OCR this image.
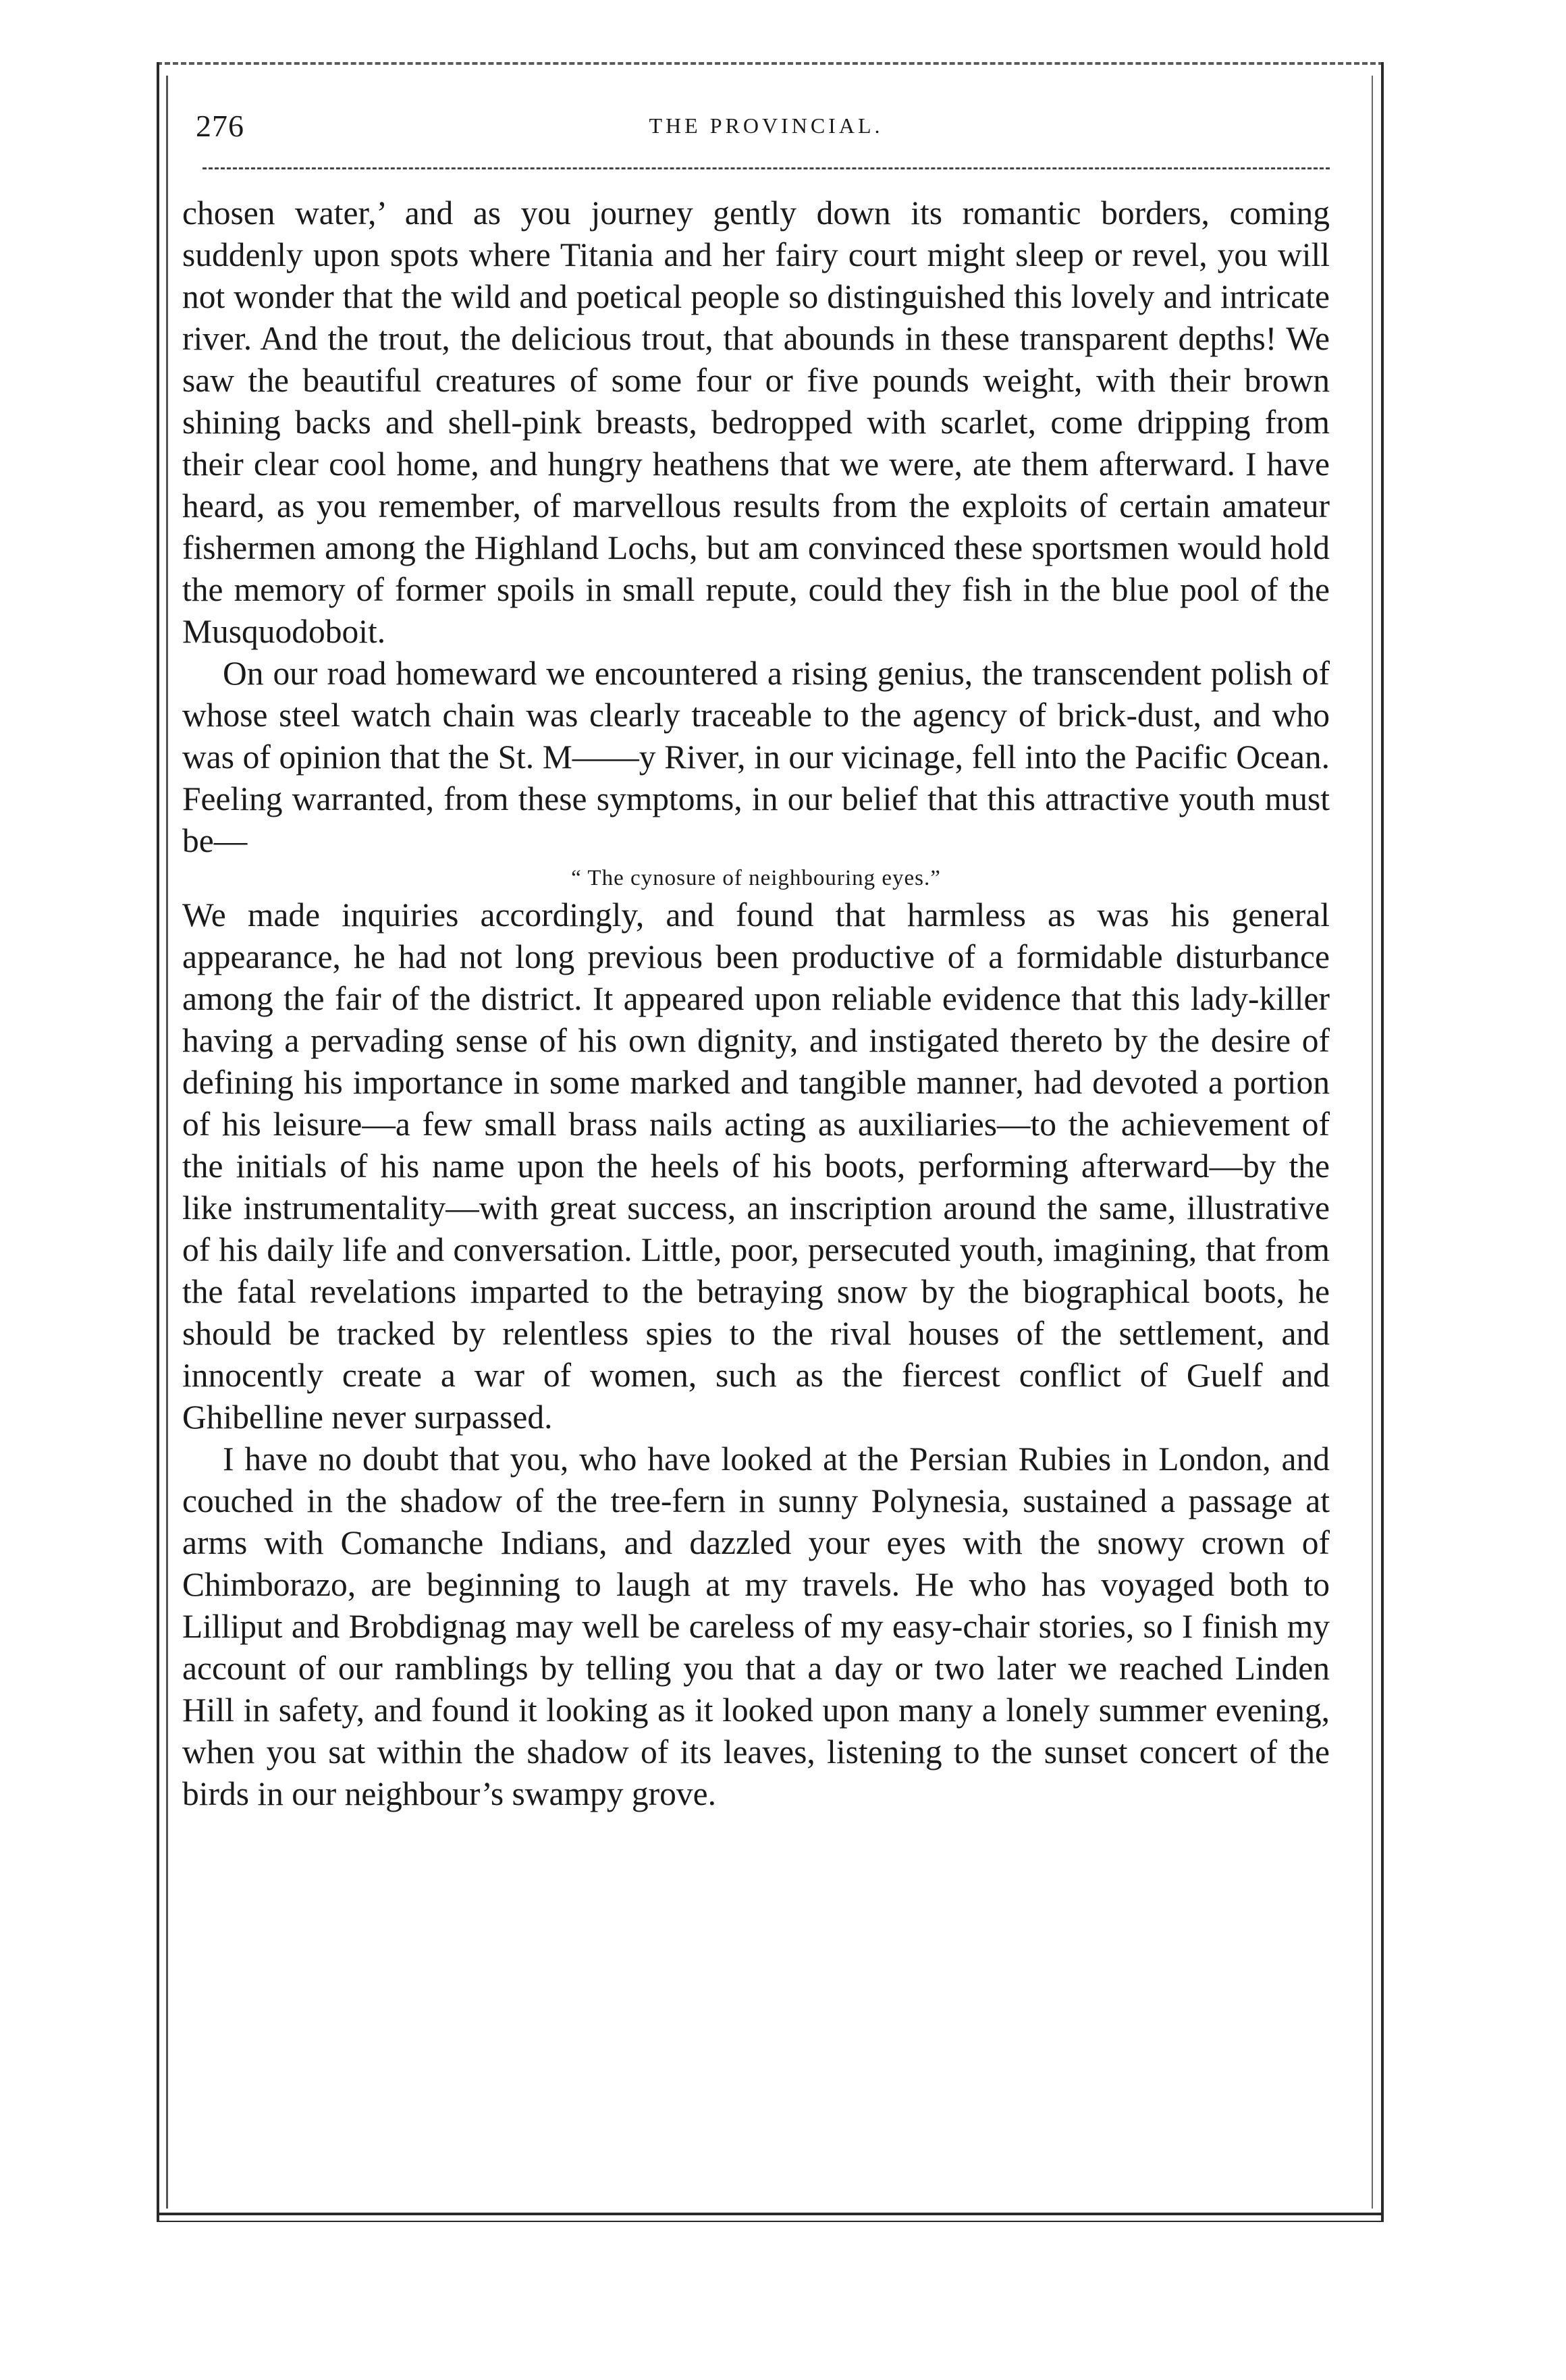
276	THE PROVINCIAL.

chosen water,’ and as you journey gently down its romantic borders, coming suddenly upon spots where Titania and her fairy court might sleep or revel, you will not wonder that the wild and poetical people so distinguished this lovely and intricate river. And the trout, the delicious trout, that abounds in these transparent depths! We saw the beautiful creatures of some four or five pounds weight, with their brown shining backs and shell-pink breasts, bedropped with scarlet, come dripping from their clear cool home, and hungry heathens that we were, ate them afterward. I have heard, as you remember, of marvellous results from the exploits of certain amateur fishermen among the Highland Lochs, but am convinced these sportsmen would hold the memory of former spoils in small repute, could they fish in the blue pool of the Musquodoboit.

On our road homeward we encountered a rising genius, the transcendent polish of whose steel watch chain was clearly traceable to the agency of brick-dust, and who was of opinion that the St. M——y River, in our vicinage, fell into the Pacific Ocean. Feeling warranted, from these symptoms, in our belief that this attractive youth must be—

“ The cynosure of neighbouring eyes.”

We made inquiries accordingly, and found that harmless as was his general appearance, he had not long previous been productive of a formidable disturbance among the fair of the district. It appeared upon reliable evidence that this lady-killer having a pervading sense of his own dignity, and instigated thereto by the desire of defining his importance in some marked and tangible manner, had devoted a portion of his leisure—a few small brass nails acting as auxiliaries—to the achievement of the initials of his name upon the heels of his boots, performing afterward—by the like instrumentality—with great success, an inscription around the same, illustrative of his daily life and conversation. Little, poor, persecuted youth, imagining, that from the fatal revelations imparted to the betraying snow by the biographical boots, he should be tracked by relentless spies to the rival houses of the settlement, and innocently create a war of women, such as the fiercest conflict of Guelf and Ghibelline never surpassed.

I have no doubt that you, who have looked at the Persian Rubies in London, and couched in the shadow of the tree-fern in sunny Polynesia, sustained a passage at arms with Comanche Indians, and dazzled your eyes with the snowy crown of Chimborazo, are beginning to laugh at my travels. He who has voyaged both to Lilliput and Brobdignag may well be careless of my easy-chair stories, so I finish my account of our ramblings by telling you that a day or two later we reached Linden Hill in safety, and found it looking as it looked upon many a lonely summer evening, when you sat within the shadow of its leaves, listening to the sunset concert of the birds in our neighbour’s swampy grove.
